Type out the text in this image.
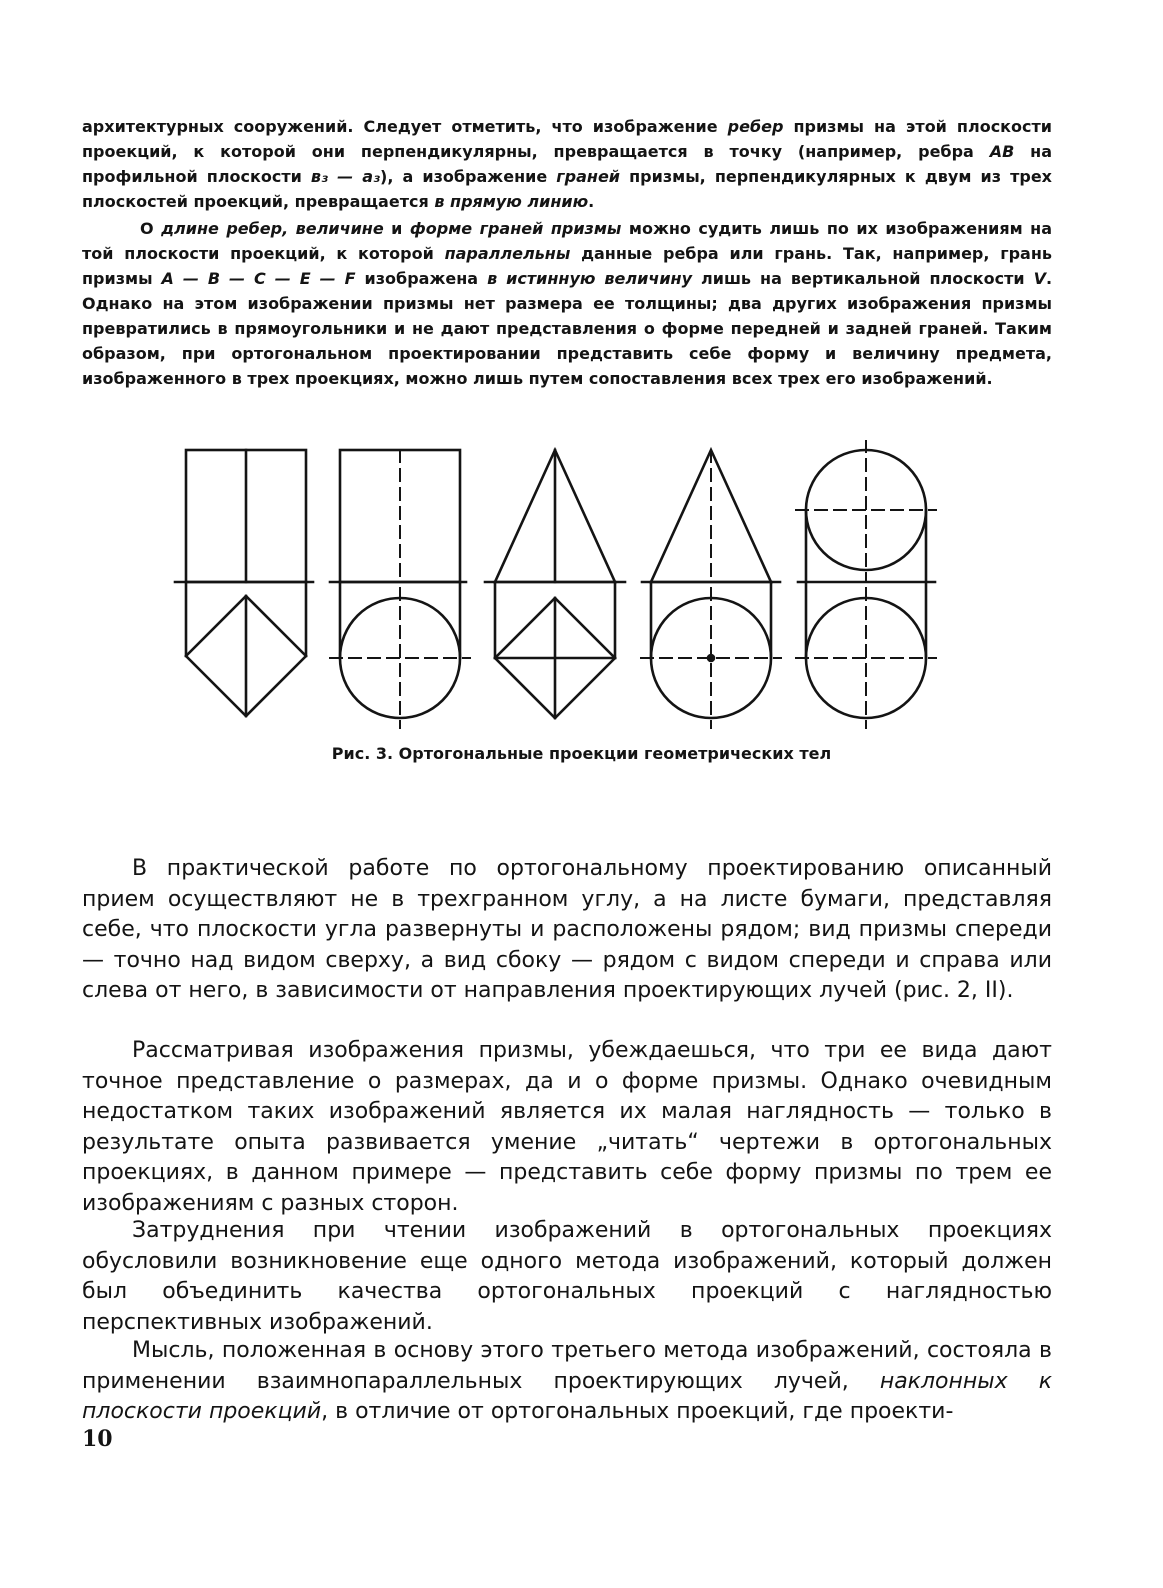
архитектурных сооружений. Следует отметить, что изображение ребер призмы на этой плоскости проекций, к которой они перпендикулярны, превращается в точку (например, ребра AB на профильной плоскости в₃ — а₃), а изображение граней призмы, перпендикулярных к двум из трех плоскостей проекций, превращается в прямую линию.

О длине ребер, величине и форме граней призмы можно судить лишь по их изображениям на той плоскости проекций, к которой параллельны данные ребра или грань. Так, например, грань призмы A — B — C — E — F изображена в истинную величину лишь на вертикальной плоскости V. Однако на этом изображении призмы нет размера ее толщины; два других изображения призмы превратились в прямоугольники и не дают представления о форме передней и задней граней. Таким образом, при ортогональном проектировании представить себе форму и величину предмета, изображенного в трех проекциях, можно лишь путем сопоставления всех трех его изображений.

Рис. 3. Ортогональные проекции геометрических тел

В практической работе по ортогональному проектированию описанный прием осуществляют не в трехгранном углу, а на листе бумаги, представляя себе, что плоскости угла развернуты и расположены рядом; вид призмы спереди — точно над видом сверху, а вид сбоку — рядом с видом спереди и справа или слева от него, в зависимости от направления проектирующих лучей (рис. 2, II).

Рассматривая изображения призмы, убеждаешься, что три ее вида дают точное представление о размерах, да и о форме призмы. Однако очевидным недостатком таких изображений является их малая наглядность — только в результате опыта развивается умение „читать“ чертежи в ортогональных проекциях, в данном примере — представить себе форму призмы по трем ее изображениям с разных сторон.

Затруднения при чтении изображений в ортогональных проекциях обусловили возникновение еще одного метода изображений, который должен был объединить качества ортогональных проекций с наглядностью перспективных изображений.

Мысль, положенная в основу этого третьего метода изображений, состояла в применении взаимнопараллельных проектирующих лучей, наклонных к плоскости проекций, в отличие от ортогональных проекций, где проекти-

10
